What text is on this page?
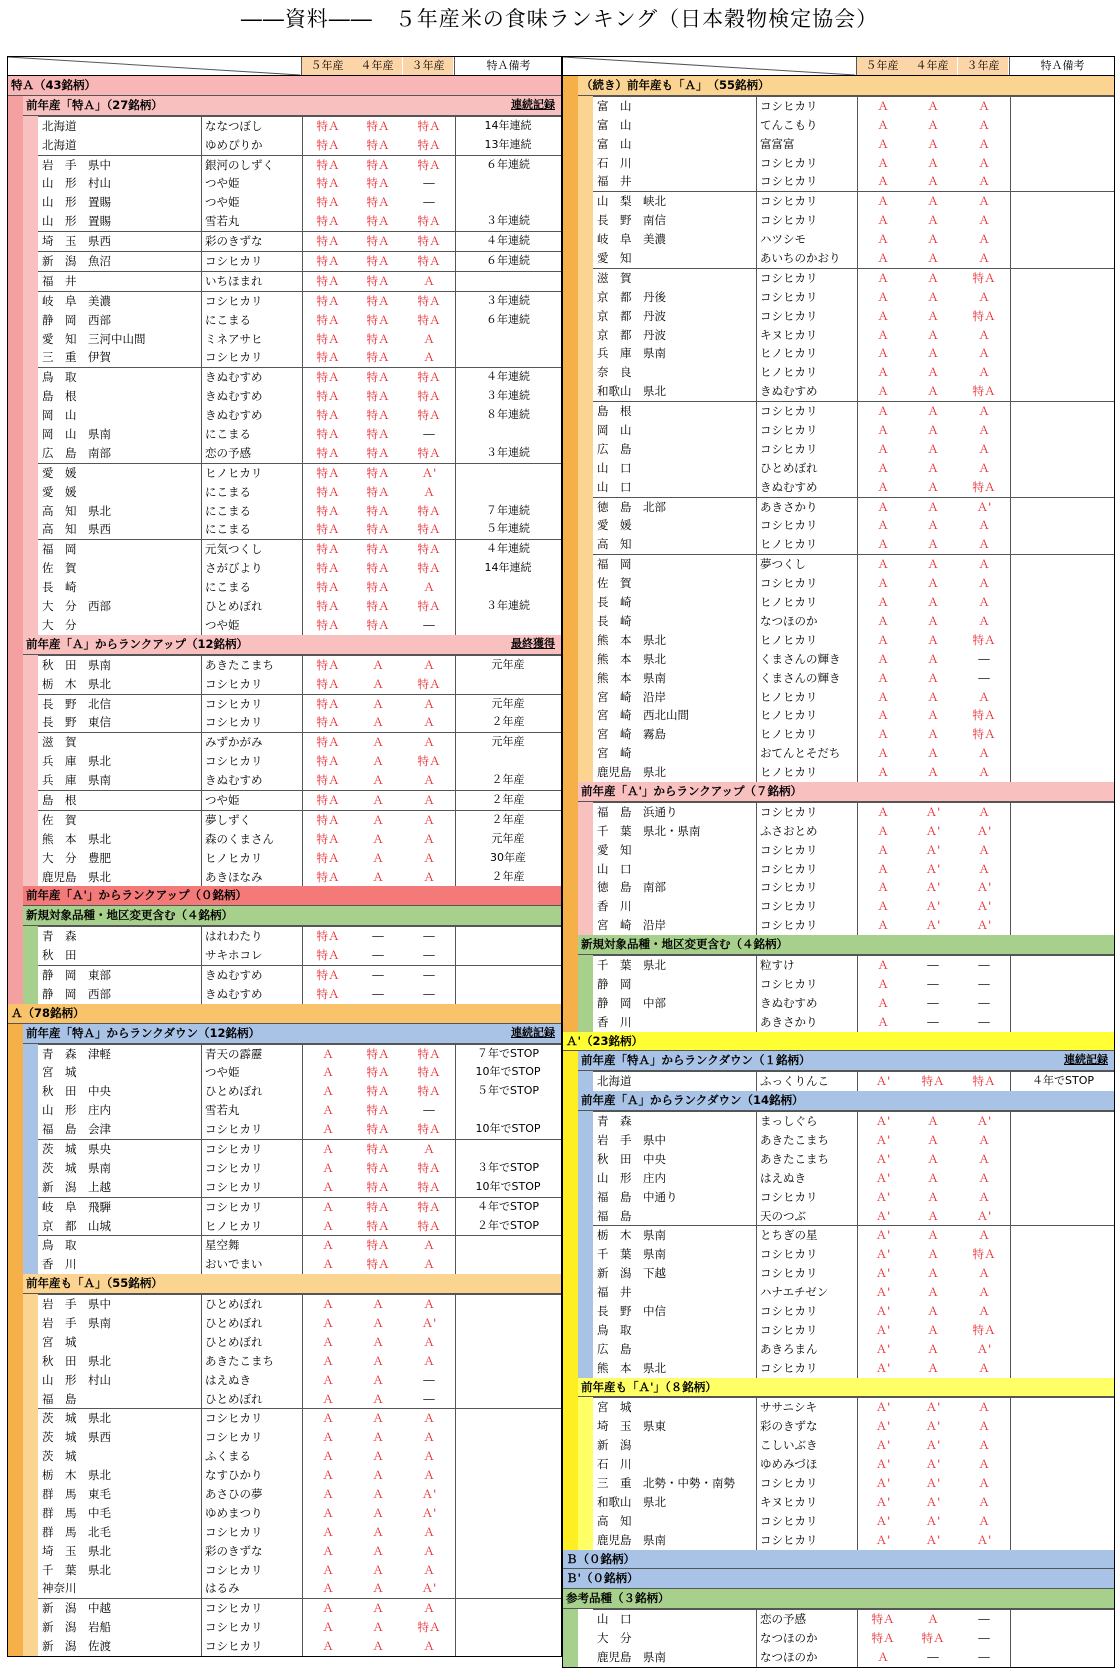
――資料――　５年産米の食味ランキング（日本穀物検定協会）
５年産	４年産	３年産	特Ａ備考
特Ａ（43銘柄）
前年産「特Ａ」（27銘柄）	連続記録
北海道	ななつぼし	特Ａ	特Ａ	特Ａ	14年連続
北海道	ゆめぴりか	特Ａ	特Ａ	特Ａ	13年連続
岩　手　県中	銀河のしずく	特Ａ	特Ａ	特Ａ	６年連続
山　形　村山	つや姫	特Ａ	特Ａ	―
山　形　置賜	つや姫	特Ａ	特Ａ	―
山　形　置賜	雪若丸	特Ａ	特Ａ	特Ａ	３年連続
埼　玉　県西	彩のきずな	特Ａ	特Ａ	特Ａ	４年連続
新　潟　魚沼	コシヒカリ	特Ａ	特Ａ	特Ａ	６年連続
福　井	いちほまれ	特Ａ	特Ａ	Ａ
岐　阜　美濃	コシヒカリ	特Ａ	特Ａ	特Ａ	３年連続
静　岡　西部	にこまる	特Ａ	特Ａ	特Ａ	６年連続
愛　知　三河中山間	ミネアサヒ	特Ａ	特Ａ	Ａ
三　重　伊賀	コシヒカリ	特Ａ	特Ａ	Ａ
鳥　取	きぬむすめ	特Ａ	特Ａ	特Ａ	４年連続
島　根	きぬむすめ	特Ａ	特Ａ	特Ａ	３年連続
岡　山	きぬむすめ	特Ａ	特Ａ	特Ａ	８年連続
岡　山　県南	にこまる	特Ａ	特Ａ	―
広　島　南部	恋の予感	特Ａ	特Ａ	特Ａ	３年連続
愛　媛	ヒノヒカリ	特Ａ	特Ａ	Ａ'
愛　媛	にこまる	特Ａ	特Ａ	Ａ
高　知　県北	にこまる	特Ａ	特Ａ	特Ａ	７年連続
高　知　県西	にこまる	特Ａ	特Ａ	特Ａ	５年連続
福　岡	元気つくし	特Ａ	特Ａ	特Ａ	４年連続
佐　賀	さがびより	特Ａ	特Ａ	特Ａ	14年連続
長　崎	にこまる	特Ａ	特Ａ	Ａ
大　分　西部	ひとめぼれ	特Ａ	特Ａ	特Ａ	３年連続
大　分	つや姫	特Ａ	特Ａ	―
前年産「Ａ」からランクアップ（12銘柄）	最終獲得
秋　田　県南	あきたこまち	特Ａ	Ａ	Ａ	元年産
栃　木　県北	コシヒカリ	特Ａ	Ａ	特Ａ
長　野　北信	コシヒカリ	特Ａ	Ａ	Ａ	元年産
長　野　東信	コシヒカリ	特Ａ	Ａ	Ａ	２年産
滋　賀	みずかがみ	特Ａ	Ａ	Ａ	元年産
兵　庫　県北	コシヒカリ	特Ａ	Ａ	特Ａ
兵　庫　県南	きぬむすめ	特Ａ	Ａ	Ａ	２年産
島　根	つや姫	特Ａ	Ａ	Ａ	２年産
佐　賀	夢しずく	特Ａ	Ａ	Ａ	２年産
熊　本　県北	森のくまさん	特Ａ	Ａ	Ａ	元年産
大　分　豊肥	ヒノヒカリ	特Ａ	Ａ	Ａ	30年産
鹿児島　県北	あきほなみ	特Ａ	Ａ	Ａ	２年産
前年産「Ａ'」からランクアップ（０銘柄）
新規対象品種・地区変更含む（４銘柄）
青　森	はれわたり	特Ａ	―	―
秋　田	サキホコレ	特Ａ	―	―
静　岡　東部	きぬむすめ	特Ａ	―	―
静　岡　西部	きぬむすめ	特Ａ	―	―
Ａ（78銘柄）
前年産「特Ａ」からランクダウン（12銘柄）	連続記録
青　森　津軽	青天の霹靂	Ａ	特Ａ	特Ａ	７年でSTOP
宮　城	つや姫	Ａ	特Ａ	特Ａ	10年でSTOP
秋　田　中央	ひとめぼれ	Ａ	特Ａ	特Ａ	５年でSTOP
山　形　庄内	雪若丸	Ａ	特Ａ	―
福　島　会津	コシヒカリ	Ａ	特Ａ	特Ａ	10年でSTOP
茨　城　県央	コシヒカリ	Ａ	特Ａ	Ａ
茨　城　県南	コシヒカリ	Ａ	特Ａ	特Ａ	３年でSTOP
新　潟　上越	コシヒカリ	Ａ	特Ａ	特Ａ	10年でSTOP
岐　阜　飛騨	コシヒカリ	Ａ	特Ａ	特Ａ	４年でSTOP
京　都　山城	ヒノヒカリ	Ａ	特Ａ	特Ａ	２年でSTOP
鳥　取	星空舞	Ａ	特Ａ	Ａ
香　川	おいでまい	Ａ	特Ａ	Ａ
前年産も「Ａ」（55銘柄）
岩　手　県中	ひとめぼれ	Ａ	Ａ	Ａ
岩　手　県南	ひとめぼれ	Ａ	Ａ	Ａ'
宮　城	ひとめぼれ	Ａ	Ａ	Ａ
秋　田　県北	あきたこまち	Ａ	Ａ	Ａ
山　形　村山	はえぬき	Ａ	Ａ	―
福　島	ひとめぼれ	Ａ	Ａ	―
茨　城　県北	コシヒカリ	Ａ	Ａ	Ａ
茨　城　県西	コシヒカリ	Ａ	Ａ	Ａ
茨　城	ふくまる	Ａ	Ａ	Ａ
栃　木　県北	なすひかり	Ａ	Ａ	Ａ
群　馬　東毛	あさひの夢	Ａ	Ａ	Ａ'
群　馬　中毛	ゆめまつり	Ａ	Ａ	Ａ'
群　馬　北毛	コシヒカリ	Ａ	Ａ	Ａ
埼　玉　県北	彩のきずな	Ａ	Ａ	Ａ
千　葉　県北	コシヒカリ	Ａ	Ａ	Ａ
神奈川	はるみ	Ａ	Ａ	Ａ'
新　潟　中越	コシヒカリ	Ａ	Ａ	Ａ
新　潟　岩船	コシヒカリ	Ａ	Ａ	特Ａ
新　潟　佐渡	コシヒカリ	Ａ	Ａ	Ａ
５年産	４年産	３年産	特Ａ備考
（続き）前年産も「Ａ」　（55銘柄）
富　山	コシヒカリ	Ａ	Ａ	Ａ
富　山	てんこもり	Ａ	Ａ	Ａ
富　山	富富富	Ａ	Ａ	Ａ
石　川	コシヒカリ	Ａ	Ａ	Ａ
福　井	コシヒカリ	Ａ	Ａ	Ａ
山　梨　峡北	コシヒカリ	Ａ	Ａ	Ａ
長　野　南信	コシヒカリ	Ａ	Ａ	Ａ
岐　阜　美濃	ハツシモ	Ａ	Ａ	Ａ
愛　知	あいちのかおり	Ａ	Ａ	Ａ
滋　賀	コシヒカリ	Ａ	Ａ	特Ａ
京　都　丹後	コシヒカリ	Ａ	Ａ	Ａ
京　都　丹波	コシヒカリ	Ａ	Ａ	特Ａ
京　都　丹波	キヌヒカリ	Ａ	Ａ	Ａ
兵　庫　県南	ヒノヒカリ	Ａ	Ａ	Ａ
奈　良	ヒノヒカリ	Ａ	Ａ	Ａ
和歌山　県北	きぬむすめ	Ａ	Ａ	特Ａ
島　根	コシヒカリ	Ａ	Ａ	Ａ
岡　山	コシヒカリ	Ａ	Ａ	Ａ
広　島	コシヒカリ	Ａ	Ａ	Ａ
山　口	ひとめぼれ	Ａ	Ａ	Ａ
山　口	きぬむすめ	Ａ	Ａ	特Ａ
徳　島　北部	あきさかり	Ａ	Ａ	Ａ'
愛　媛	コシヒカリ	Ａ	Ａ	Ａ
高　知	ヒノヒカリ	Ａ	Ａ	Ａ
福　岡	夢つくし	Ａ	Ａ	Ａ
佐　賀	コシヒカリ	Ａ	Ａ	Ａ
長　崎	ヒノヒカリ	Ａ	Ａ	Ａ
長　崎	なつほのか	Ａ	Ａ	Ａ
熊　本　県北	ヒノヒカリ	Ａ	Ａ	特Ａ
熊　本　県北	くまさんの輝き	Ａ	Ａ	―
熊　本　県南	くまさんの輝き	Ａ	Ａ	―
宮　崎　沿岸	ヒノヒカリ	Ａ	Ａ	Ａ
宮　崎　西北山間	ヒノヒカリ	Ａ	Ａ	特Ａ
宮　崎　霧島	ヒノヒカリ	Ａ	Ａ	特Ａ
宮　崎	おてんとそだち	Ａ	Ａ	Ａ
鹿児島　県北	ヒノヒカリ	Ａ	Ａ	Ａ
前年産「Ａ'」からランクアップ（７銘柄）
福　島　浜通り	コシヒカリ	Ａ	Ａ'	Ａ
千　葉　県北・県南	ふさおとめ	Ａ	Ａ'	Ａ'
愛　知	コシヒカリ	Ａ	Ａ'	Ａ
山　口	コシヒカリ	Ａ	Ａ'	Ａ
徳　島　南部	コシヒカリ	Ａ	Ａ'	Ａ'
香　川	コシヒカリ	Ａ	Ａ'	Ａ'
宮　崎　沿岸	コシヒカリ	Ａ	Ａ'	Ａ'
新規対象品種・地区変更含む（４銘柄）
千　葉　県北	粒すけ	Ａ	―	―
静　岡	コシヒカリ	Ａ	―	―
静　岡　中部	きぬむすめ	Ａ	―	―
香　川	あきさかり	Ａ	―	―
Ａ'（23銘柄）
前年産「特Ａ」からランクダウン（１銘柄）	連続記録
北海道	ふっくりんこ	Ａ'	特Ａ	特Ａ	４年でSTOP
前年産「Ａ」からランクダウン（14銘柄）
青　森	まっしぐら	Ａ'	Ａ	Ａ'
岩　手　県中	あきたこまち	Ａ'	Ａ	Ａ
秋　田　中央	あきたこまち	Ａ'	Ａ	Ａ
山　形　庄内	はえぬき	Ａ'	Ａ	Ａ
福　島　中通り	コシヒカリ	Ａ'	Ａ	Ａ
福　島	天のつぶ	Ａ'	Ａ	Ａ'
栃　木　県南	とちぎの星	Ａ'	Ａ	Ａ
千　葉　県南	コシヒカリ	Ａ'	Ａ	特Ａ
新　潟　下越	コシヒカリ	Ａ'	Ａ	Ａ
福　井	ハナエチゼン	Ａ'	Ａ	Ａ
長　野　中信	コシヒカリ	Ａ'	Ａ	Ａ
鳥　取	コシヒカリ	Ａ'	Ａ	特Ａ
広　島	あきろまん	Ａ'	Ａ	Ａ'
熊　本　県北	コシヒカリ	Ａ'	Ａ	Ａ
前年産も「Ａ'」（８銘柄）
宮　城	ササニシキ	Ａ'	Ａ'	Ａ
埼　玉　県東	彩のきずな	Ａ'	Ａ'	Ａ
新　潟	こしいぶき	Ａ'	Ａ'	Ａ
石　川	ゆめみづほ	Ａ'	Ａ'	Ａ
三　重　北勢・中勢・南勢	コシヒカリ	Ａ'	Ａ'	Ａ
和歌山　県北	キヌヒカリ	Ａ'	Ａ'	Ａ
高　知	コシヒカリ	Ａ'	Ａ'	Ａ
鹿児島　県南	コシヒカリ	Ａ'	Ａ'	Ａ'
Ｂ（０銘柄）
Ｂ'（０銘柄）
参考品種（３銘柄）
山　口	恋の予感	特Ａ	Ａ	―
大　分	なつほのか	特Ａ	特Ａ	―
鹿児島　県南	なつほのか	Ａ	―	―
